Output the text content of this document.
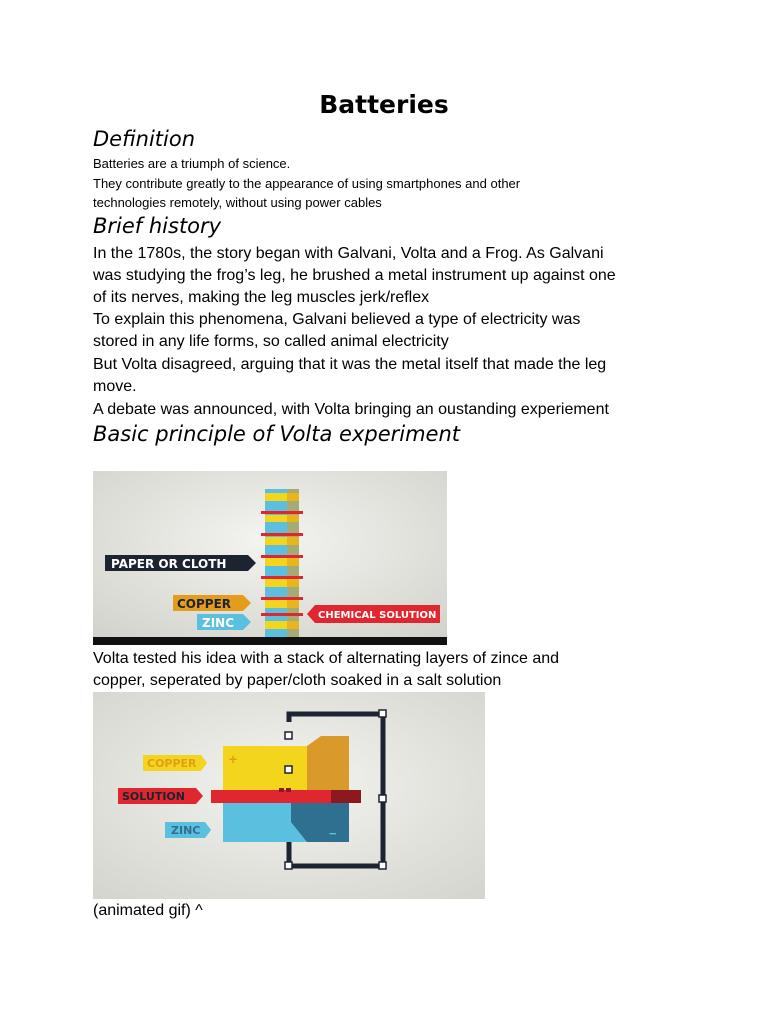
Batteries
Definition

Batteries are a triumph of science.

They contribute greatly to the appearance of using smartphones and other

technologies remotely, without using power cables

Brief history

In the 1780s, the story began with Galvani, Volta and a Frog. As Galvani

was studying the frog’s leg, he brushed a metal instrument up against one

of its nerves, making the leg muscles jerk/reflex

To explain this phenomena, Galvani believed a type of electricity was

stored in any life forms, so called animal electricity

But Volta disagreed, arguing that it was the metal itself that made the leg

move.

A debate was announced, with Volta bringing an oustanding experiement

Basic principle of Volta experiment
PAPER OR CLOTH
COPPER
ZINC
CHEMICAL SOLUTION

Volta tested his idea with a stack of alternating layers of zince and

copper, seperated by paper/cloth soaked in a salt solution

+
−
COPPER
SOLUTION
ZINC

(animated gif) ^
